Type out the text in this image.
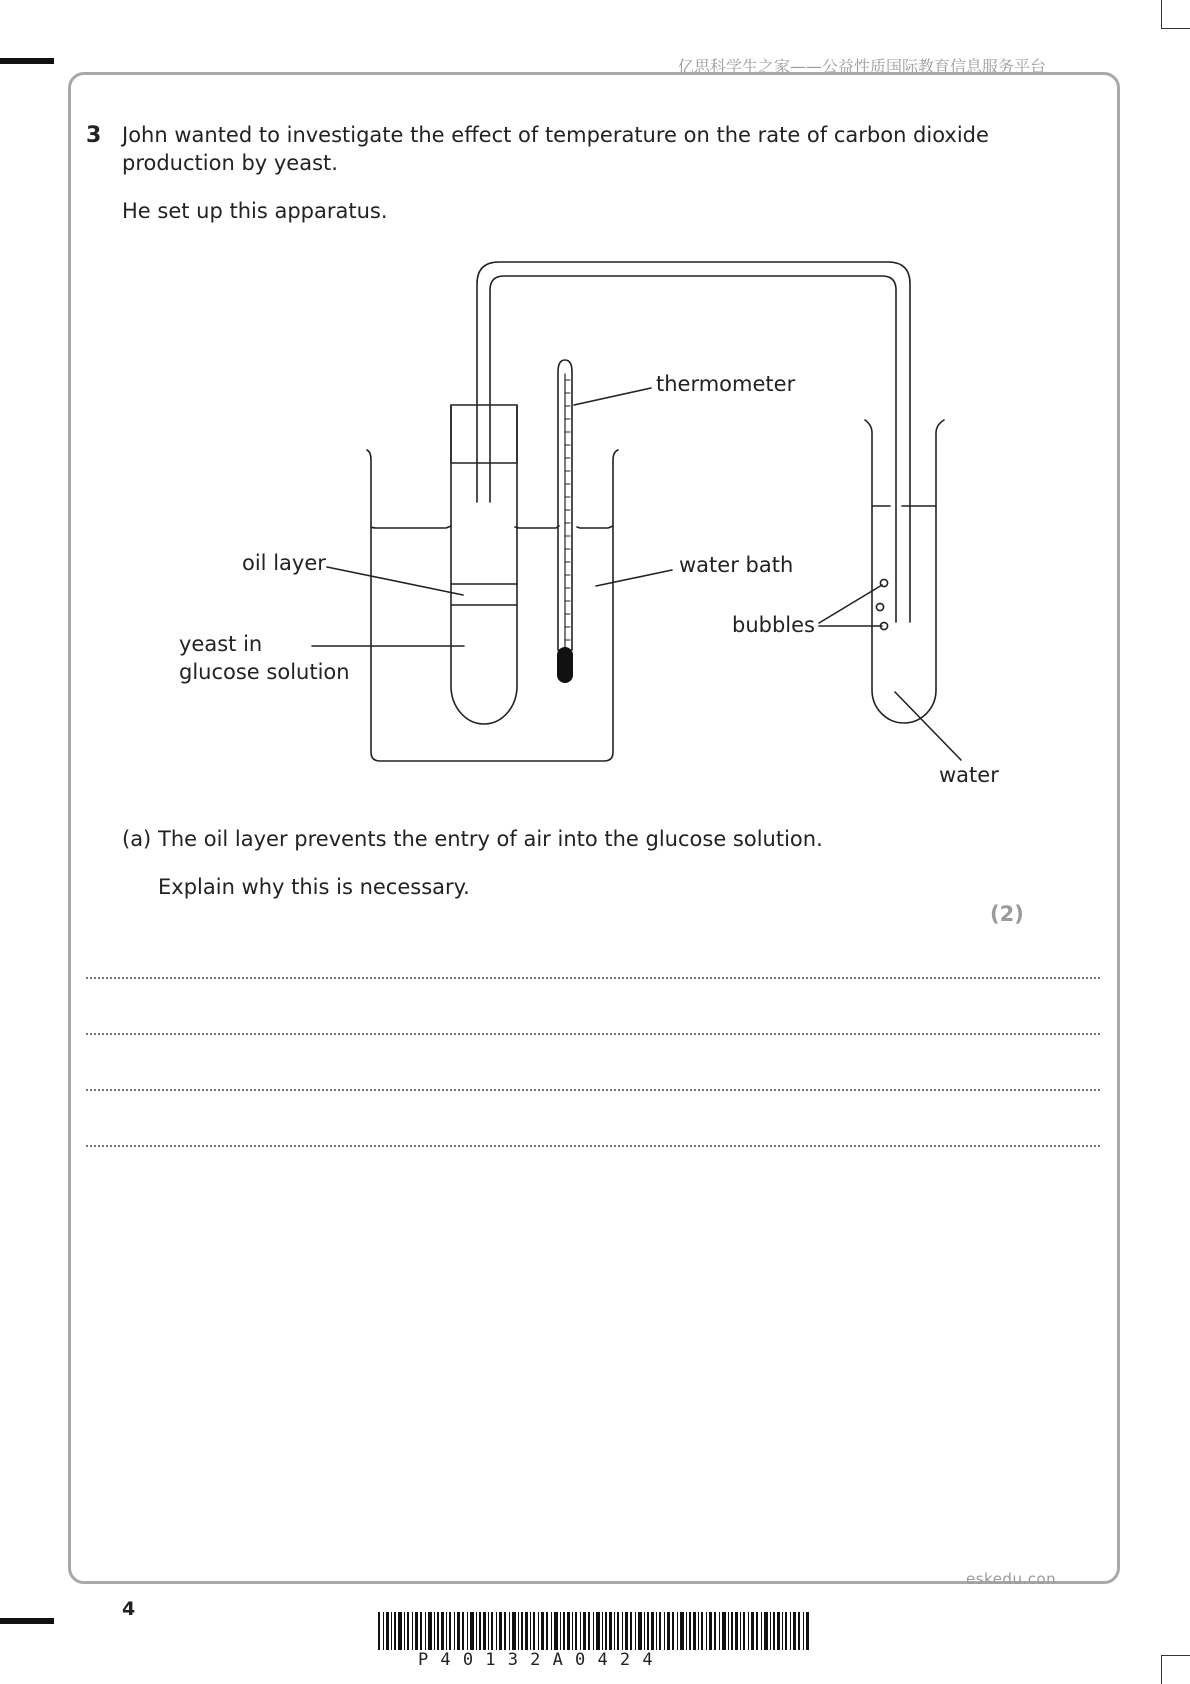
亿思科学生之家——公益性质国际教育信息服务平台
3 John wanted to investigate the effect of temperature on the rate of carbon dioxide
production by yeast.
He set up this apparatus.
thermometer
oil layer	water bath
bubbles
yeast in
glucose solution
water
(a) The oil layer prevents the entry of air into the glucose solution.
Explain why this is necessary.
(2)
eskedu.con
4
P40132A0424
